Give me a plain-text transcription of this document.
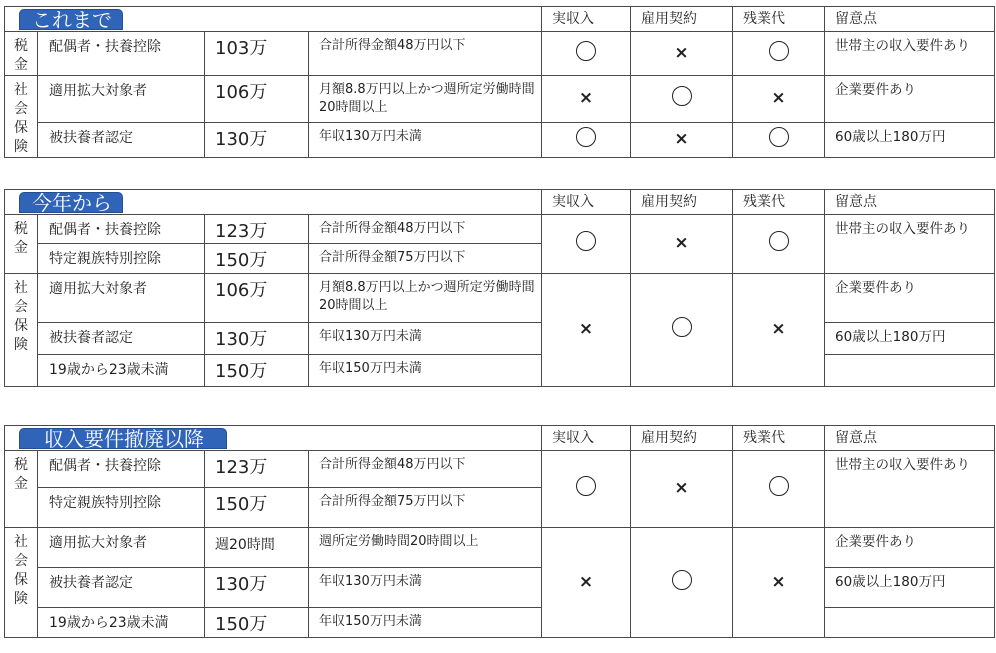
これまで				実収入	雇用契約	残業代	留意点

税金	配偶者・扶養控除	103万	合計所得金額48万円以下		×		世帯主の収入要件あり

社会保険	適用拡大対象者	106万	月額8.8万円以上かつ週所定労働時間20時間以上	×		×	企業要件あり
	被扶養者認定	130万	年収130万円未満		×		60歳以上180万円
今年から				実収入	雇用契約	残業代	留意点

税金	配偶者・扶養控除	123万	合計所得金額48万円以下		×		世帯主の収入要件あり
	特定親族特別控除	150万	合計所得金額75万円以下				

社会保険	適用拡大対象者	106万	月額8.8万円以上かつ週所定労働時間20時間以上	×		×	企業要件あり
	被扶養者認定	130万	年収130万円未満				60歳以上180万円
	19歳から23歳未満	150万	年収150万円未満				
収入要件撤廃以降				実収入	雇用契約	残業代	留意点

税金	配偶者・扶養控除	123万	合計所得金額48万円以下		×		世帯主の収入要件あり
	特定親族特別控除	150万	合計所得金額75万円以下				

社会保険	適用拡大対象者	週20時間	週所定労働時間20時間以上	×		×	企業要件あり
	被扶養者認定	130万	年収130万円未満				60歳以上180万円
	19歳から23歳未満	150万	年収150万円未満				
